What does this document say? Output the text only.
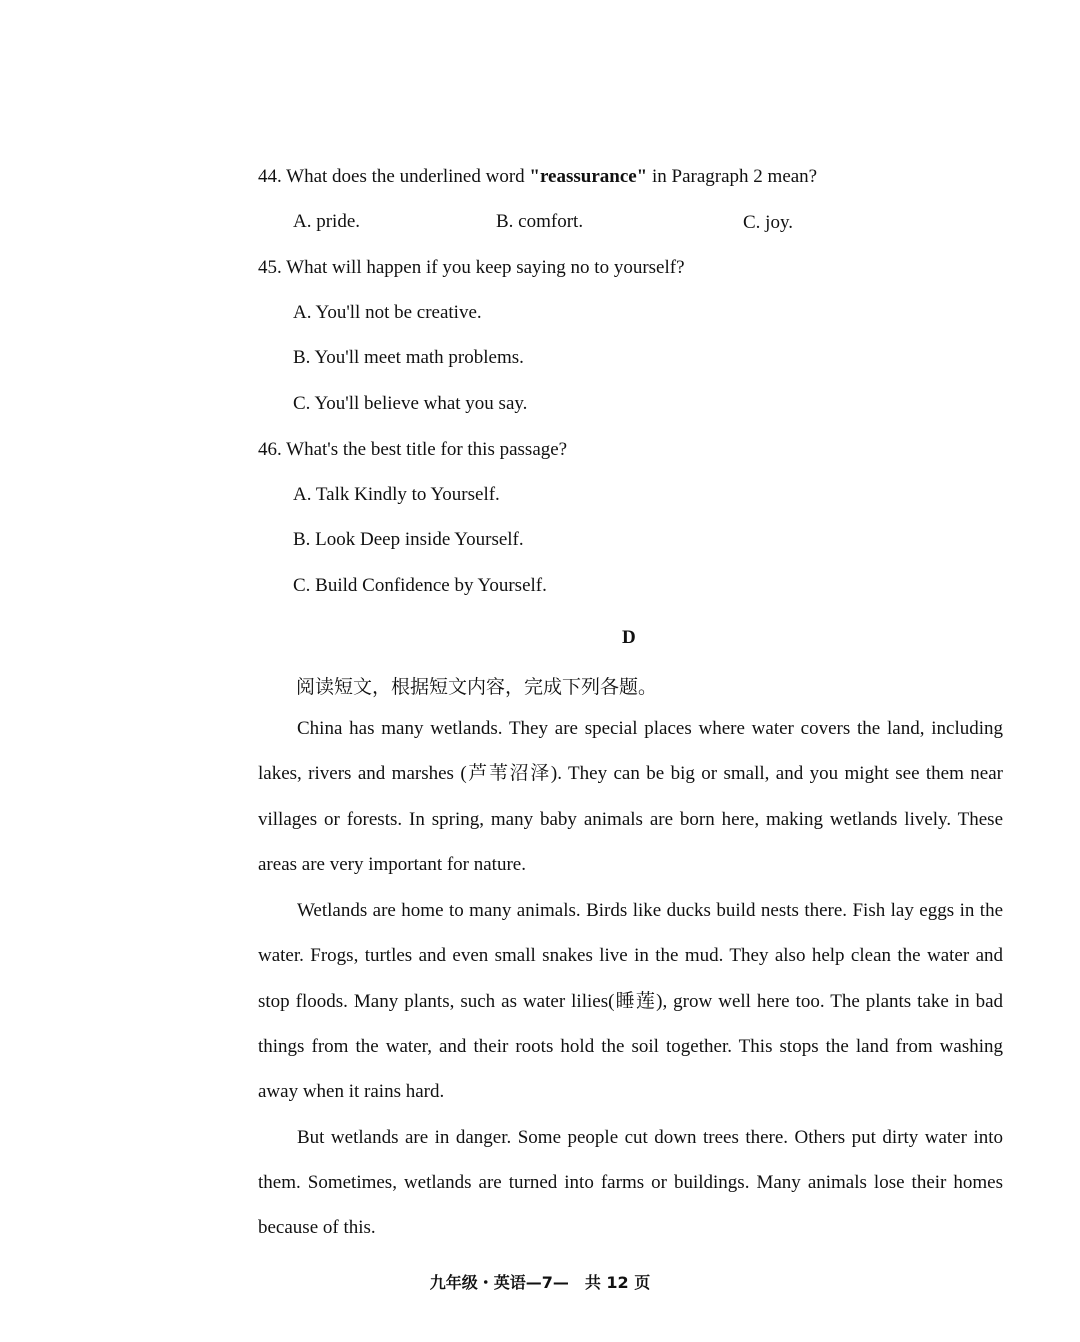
44. What does the underlined word "reassurance" in Paragraph 2 mean?
A. pride.	B. comfort.	C. joy.
45. What will happen if you keep saying no to yourself?
A. You'll not be creative.
B. You'll meet math problems.
C. You'll believe what you say.
46. What's the best title for this passage?
A. Talk Kindly to Yourself.
B. Look Deep inside Yourself.
C. Build Confidence by Yourself.
D
阅读短文，根据短文内容，完成下列各题。
China has many wetlands. They are special places where water covers the land, including
lakes, rivers and marshes (芦苇沼泽). They can be big or small, and you might see them near
villages or forests. In spring, many baby animals are born here, making wetlands lively. These
areas are very important for nature.
Wetlands are home to many animals. Birds like ducks build nests there. Fish lay eggs in the
water. Frogs, turtles and even small snakes live in the mud. They also help clean the water and
stop floods. Many plants, such as water lilies(睡莲), grow well here too. The plants take in bad
things from the water, and their roots hold the soil together. This stops the land from washing
away when it rains hard.
But wetlands are in danger. Some people cut down trees there. Others put dirty water into
them. Sometimes, wetlands are turned into farms or buildings. Many animals lose their homes
because of this.
九年级・英语—7—　共 12 页
